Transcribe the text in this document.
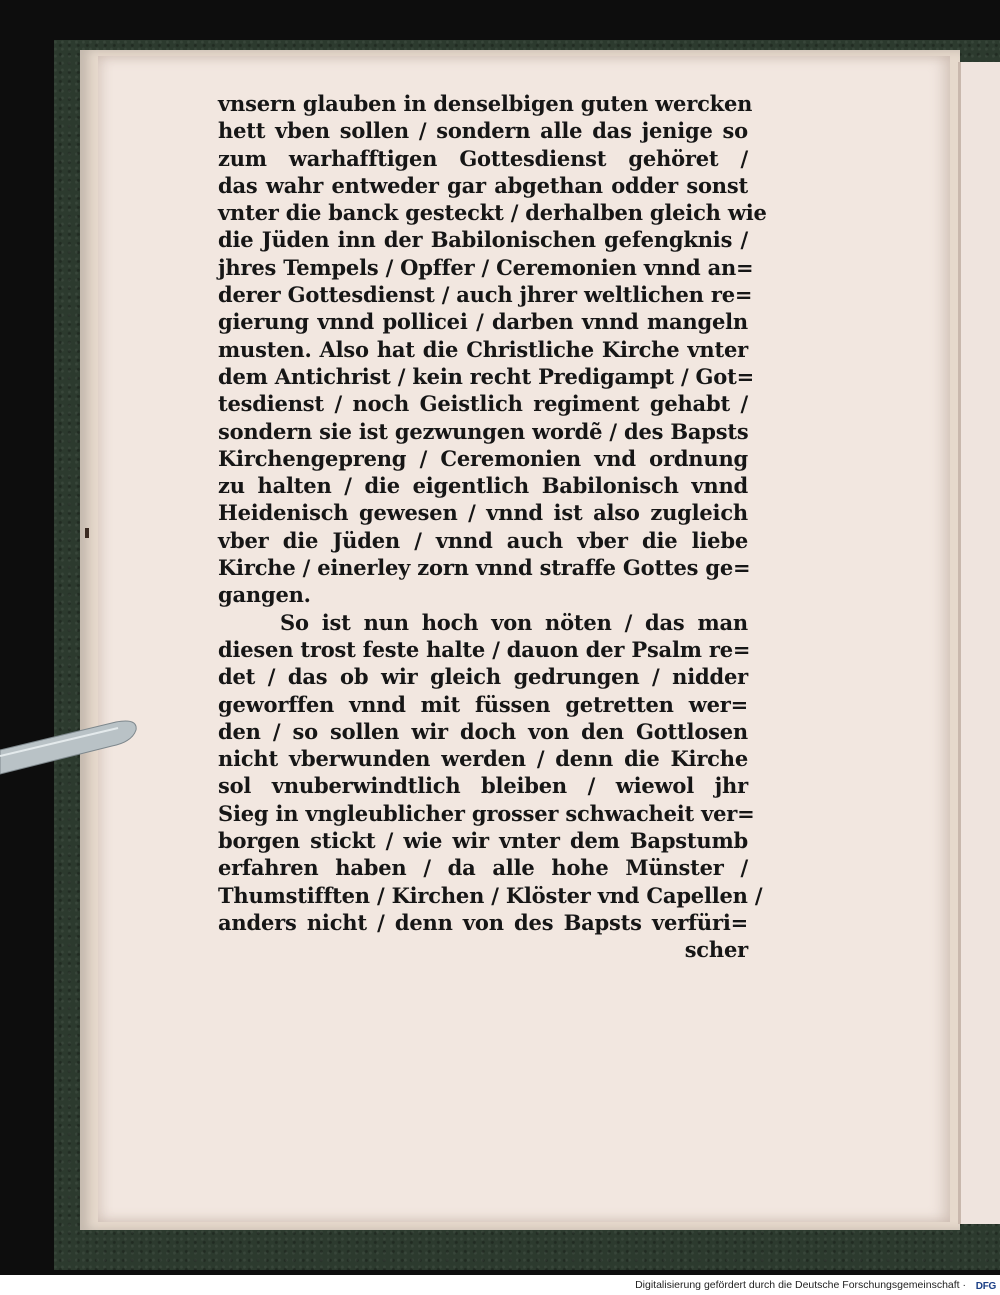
vnsern glauben in denselbigen guten wercken
hett vben sollen / sondern alle das jenige so
zum warhafftigen Gottesdienst gehöret /
das wahr entweder gar abgethan odder sonst
vnter die banck gesteckt / derhalben gleich wie
die Jüden inn der Babilonischen gefengknis /
jhres Tempels / Opffer / Ceremonien vnnd an=
derer Gottesdienst / auch jhrer weltlichen re=
gierung vnnd pollicei / darben vnnd mangeln
musten. Also hat die Christliche Kirche vnter
dem Antichrist / kein recht Predigampt / Got=
tesdienst / noch Geistlich regiment gehabt /
sondern sie ist gezwungen wordẽ / des Bapsts
Kirchengepreng / Ceremonien vnd ordnung
zu halten / die eigentlich Babilonisch vnnd
Heidenisch gewesen / vnnd ist also zugleich
vber die Jüden / vnnd auch vber die liebe
Kirche / einerley zorn vnnd straffe Gottes ge=
gangen.
So ist nun hoch von nöten / das man
diesen trost feste halte / dauon der Psalm re=
det / das ob wir gleich gedrungen / nidder
geworffen vnnd mit füssen getretten wer=
den / so sollen wir doch von den Gottlosen
nicht vberwunden werden / denn die Kirche
sol vnuberwindtlich bleiben / wiewol jhr
Sieg in vngleublicher grosser schwacheit ver=
borgen stickt / wie wir vnter dem Bapstumb
erfahren haben / da alle hohe Münster /
Thumstifften / Kirchen / Klöster vnd Capellen /
anders nicht / denn von des Bapsts verfüri=
scher
Digitalisierung gefördert durch die Deutsche Forschungsgemeinschaft · DFG
